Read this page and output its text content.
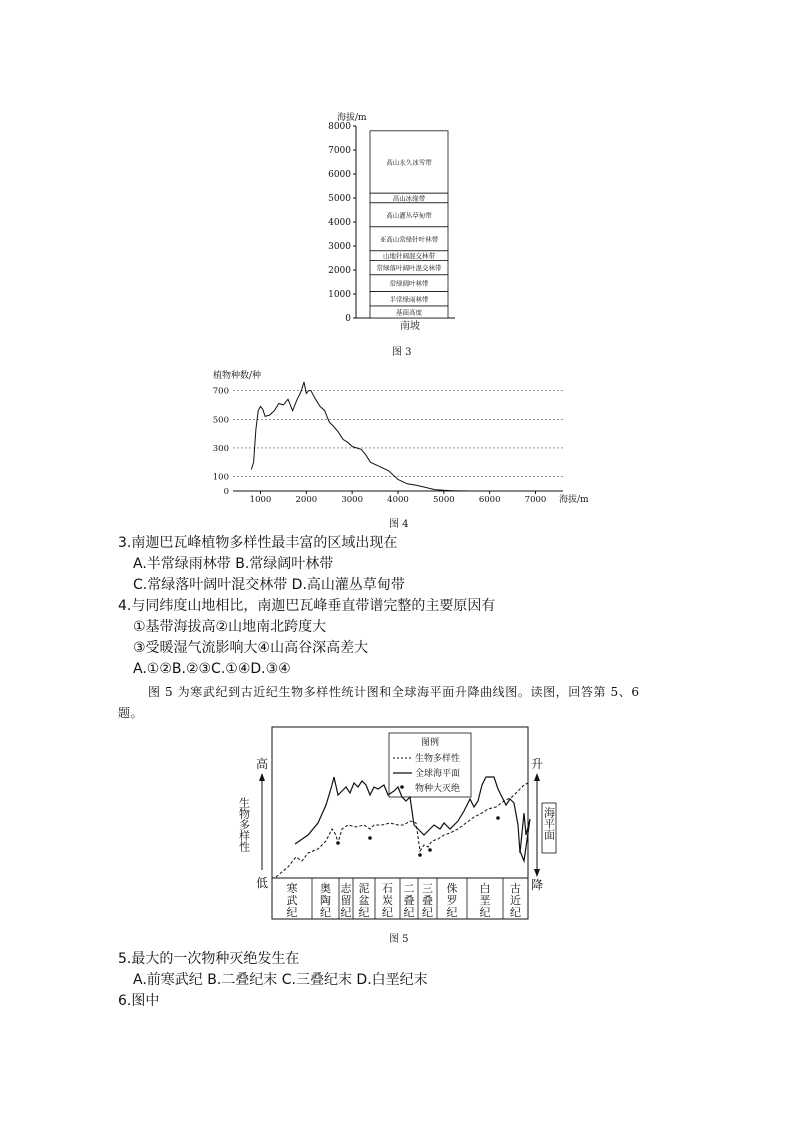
海拔/m
8000
7000
6000
5000
4000
3000
2000
1000
0
高山永久冰雪带
高山冰缘带
高山灌丛草甸带
亚高山常绿针叶林带
山地针阔混交林带
常绿落叶阔叶混交林带
常绿阔叶林带
半常绿雨林带
基面高度
南坡
图 3
植物种数/种
700
500
300
100
0
1000	2000	3000	4000	5000	6000	7000 海拔/m
图 4
3.南迦巴瓦峰植物多样性最丰富的区域出现在
A.半常绿雨林带 B.常绿阔叶林带
C.常绿落叶阔叶混交林带 D.高山灌丛草甸带
4.与同纬度山地相比，南迦巴瓦峰垂直带谱完整的主要原因有
①基带海拔高②山地南北跨度大
③受暖湿气流影响大④山高谷深高差大
A.①②B.②③C.①④D.③④
图 5 为寒武纪到古近纪生物多样性统计图和全球海平面升降曲线图。读图，回答第 5、6
题。
高
生物多样性
低
升
海平面
降
寒武纪
奥陶纪
志留纪
泥盆纪
石炭纪
二叠纪
三叠纪
侏罗纪
白垩纪
古近纪
图例
生物多样性
全球海平面
物种大灭绝
图 5
5.最大的一次物种灭绝发生在
A.前寒武纪 B.二叠纪末 C.三叠纪末 D.白垩纪末
6.图中
